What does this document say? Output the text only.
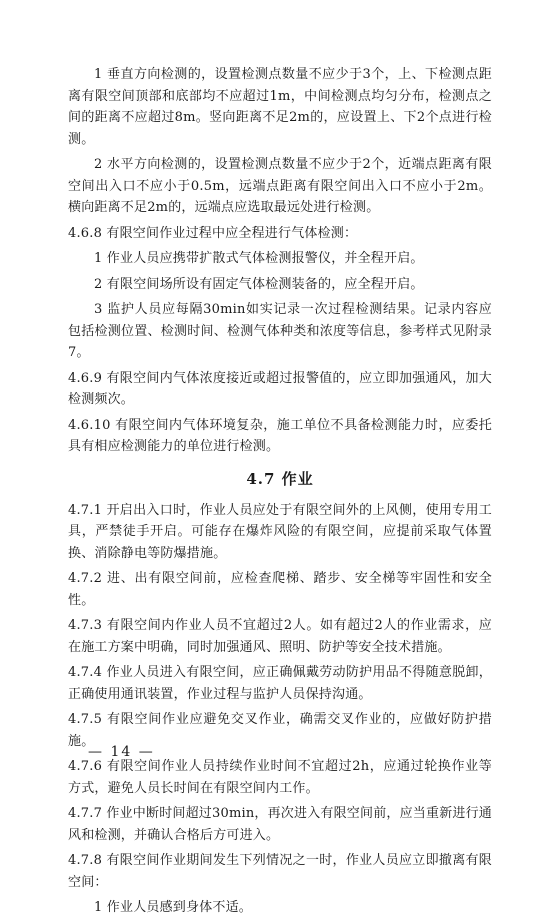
1 垂直方向检测的，设置检测点数量不应少于3个，上、下检测点距离有限空间顶部和底部均不应超过1m，中间检测点均匀分布，检测点之间的距离不应超过8m。竖向距离不足2m的，应设置上、下2个点进行检测。

2 水平方向检测的，设置检测点数量不应少于2个，近端点距离有限空间出入口不应小于0.5m，远端点距离有限空间出入口不应小于2m。横向距离不足2m的，远端点应选取最远处进行检测。

4.6.8 有限空间作业过程中应全程进行气体检测：

1 作业人员应携带扩散式气体检测报警仪，并全程开启。

2 有限空间场所设有固定气体检测装备的，应全程开启。

3 监护人员应每隔30min如实记录一次过程检测结果。记录内容应包括检测位置、检测时间、检测气体种类和浓度等信息，参考样式见附录7。

4.6.9 有限空间内气体浓度接近或超过报警值的，应立即加强通风，加大检测频次。

4.6.10 有限空间内气体环境复杂，施工单位不具备检测能力时，应委托具有相应检测能力的单位进行检测。

4.7 作业

4.7.1 开启出入口时，作业人员应处于有限空间外的上风侧，使用专用工具，严禁徒手开启。可能存在爆炸风险的有限空间，应提前采取气体置换、消除静电等防爆措施。

4.7.2 进、出有限空间前，应检查爬梯、踏步、安全梯等牢固性和安全性。

4.7.3 有限空间内作业人员不宜超过2人。如有超过2人的作业需求，应在施工方案中明确，同时加强通风、照明、防护等安全技术措施。

4.7.4 作业人员进入有限空间，应正确佩戴劳动防护用品不得随意脱卸，正确使用通讯装置，作业过程与监护人员保持沟通。

4.7.5 有限空间作业应避免交叉作业，确需交叉作业的，应做好防护措施。

4.7.6 有限空间作业人员持续作业时间不宜超过2h，应通过轮换作业等方式，避免人员长时间在有限空间内工作。

4.7.7 作业中断时间超过30min，再次进入有限空间前，应当重新进行通风和检测，并确认合格后方可进入。

4.7.8 有限空间作业期间发生下列情况之一时，作业人员应立即撤离有限空间：

1 作业人员感到身体不适。

— 14 —
